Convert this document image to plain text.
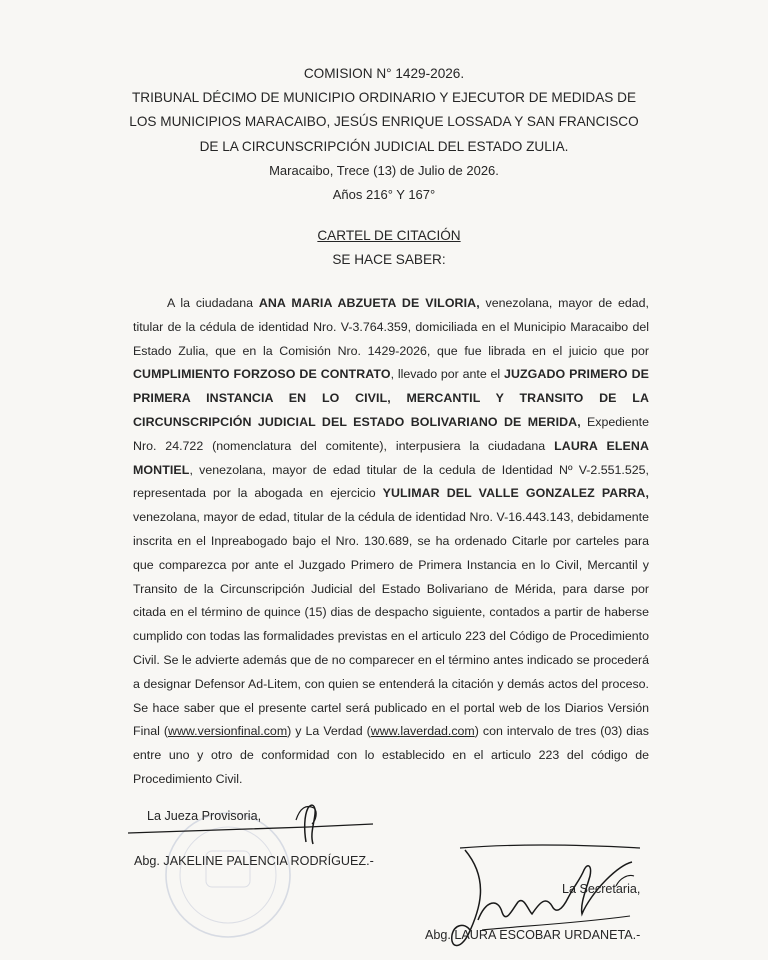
COMISION N° 1429-2026.
TRIBUNAL DÉCIMO DE MUNICIPIO ORDINARIO Y EJECUTOR DE MEDIDAS DE
LOS MUNICIPIOS MARACAIBO, JESÚS ENRIQUE LOSSADA Y SAN FRANCISCO
DE LA CIRCUNSCRIPCIÓN JUDICIAL DEL ESTADO ZULIA.
Maracaibo, Trece (13) de Julio de 2026.
Años 216° Y 167°
CARTEL DE CITACIÓN
SE HACE SABER:

A la ciudadana ANA MARIA ABZUETA DE VILORIA, venezolana, mayor de edad, titular de la cédula de identidad Nro. V-3.764.359, domiciliada en el Municipio Maracaibo del Estado Zulia, que en la Comisión Nro. 1429-2026, que fue librada en el juicio que por CUMPLIMIENTO FORZOSO DE CONTRATO, llevado por ante el JUZGADO PRIMERO DE PRIMERA INSTANCIA EN LO CIVIL, MERCANTIL Y TRANSITO DE LA CIRCUNSCRIPCIÓN JUDICIAL DEL ESTADO BOLIVARIANO DE MERIDA, Expediente Nro. 24.722 (nomenclatura del comitente), interpusiera la ciudadana LAURA ELENA MONTIEL, venezolana, mayor de edad titular de la cedula de Identidad Nº V-2.551.525, representada por la abogada en ejercicio YULIMAR DEL VALLE GONZALEZ PARRA, venezolana, mayor de edad, titular de la cédula de identidad Nro. V-16.443.143, debidamente inscrita en el Inpreabogado bajo el Nro. 130.689, se ha ordenado Citarle por carteles para que comparezca por ante el Juzgado Primero de Primera Instancia en lo Civil, Mercantil y Transito de la Circunscripción Judicial del Estado Bolivariano de Mérida, para darse por citada en el término de quince (15) dias de despacho siguiente, contados a partir de haberse cumplido con todas las formalidades previstas en el articulo 223 del Código de Procedimiento Civil. Se le advierte además que de no comparecer en el término antes indicado se procederá a designar Defensor Ad-Litem, con quien se entenderá la citación y demás actos del proceso. Se hace saber que el presente cartel será publicado en el portal web de los Diarios Versión Final (www.versionfinal.com) y La Verdad (www.laverdad.com) con intervalo de tres (03) dias entre uno y otro de conformidad con lo establecido en el articulo 223 del código de Procedimiento Civil.

La Jueza Provisoria,
Abg. JAKELINE PALENCIA RODRÍGUEZ.-
La Secretaria,
Abg. LAURA ESCOBAR URDANETA.-
